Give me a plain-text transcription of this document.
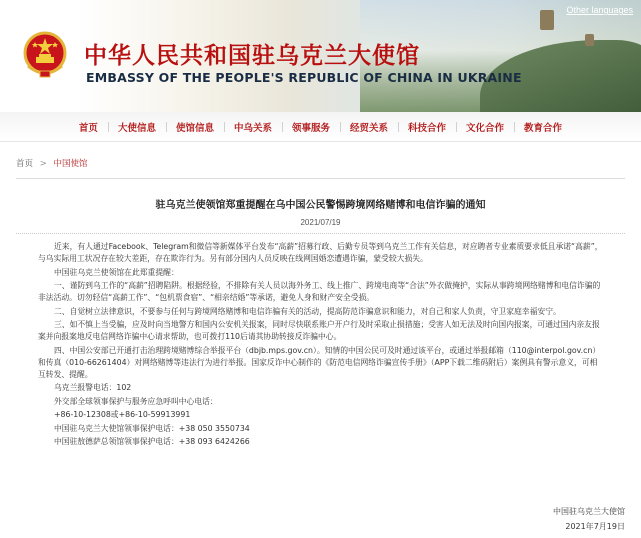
中华人民共和国驻乌克兰大使馆
EMBASSY OF THE PEOPLE'S REPUBLIC OF CHINA IN UKRAINE
Other languages
首页	大使信息	使馆信息	中乌关系	领事服务	经贸关系	科技合作	文化合作	教育合作
首页 > 中国使馆
驻乌克兰使领馆郑重提醒在乌中国公民警惕跨境网络赌博和电信诈骗的通知
2021/07/19

近来，有人通过Facebook、Telegram和微信等新媒体平台发布“高薪”招募行政、后勤专员等到乌克兰工作有关信息，对应聘者专业素质要求低且承诺“高薪”，与乌实际用工状况存在较大差距，存在欺诈行为。另有部分国内人员反映在线网国婚恋遭遇诈骗，蒙受较大损失。

中国驻乌克兰使领馆在此郑重提醒：

一、谨防到乌工作的“高薪”招聘陷阱。根据经验，不排除有关人员以海外务工、线上推广、跨境电商等“合法”外衣做掩护，实际从事跨境网络赌博和电信诈骗的非法活动。切勿轻信“高薪工作”、“包机票食宿”、“相亲结婚”等承诺，避免人身和财产安全受损。

二、自觉树立法律意识，不要参与任何与跨境网络赌博和电信诈骗有关的活动，提高防范诈骗意识和能力，对自己和家人负责，守卫家庭幸福安宁。

三、如不慎上当受骗，应及时向当地警方和国内公安机关报案，同时尽快联系账户开户行及时采取止损措施；受害人如无法及时向国内报案，可通过国内亲友报案并向报案地反电信网络诈骗中心请求帮助，也可拨打110后请其协助转接反诈骗中心。

四、中国公安部已开通打击治理跨境赌博综合举报平台（dbjb.mps.gov.cn）。知情的中国公民可及时通过该平台，或通过举报邮箱（110@interpol.gov.cn）和传真（010-66261404）对网络赌博等违法行为进行举报。国家反诈中心制作的《防范电信网络诈骗宣传手册》（APP下载二维码附后）案例具有警示意义，可相互转发、提醒。

乌克兰报警电话：102
外交部全球领事保护与服务应急呼叫中心电话：
+86-10-12308或+86-10-59913991
中国驻乌克兰大使馆领事保护电话：+38 050 3550734
中国驻敖德萨总领馆领事保护电话：+38 093 6424266
中国驻乌克兰大使馆
2021年7月19日
